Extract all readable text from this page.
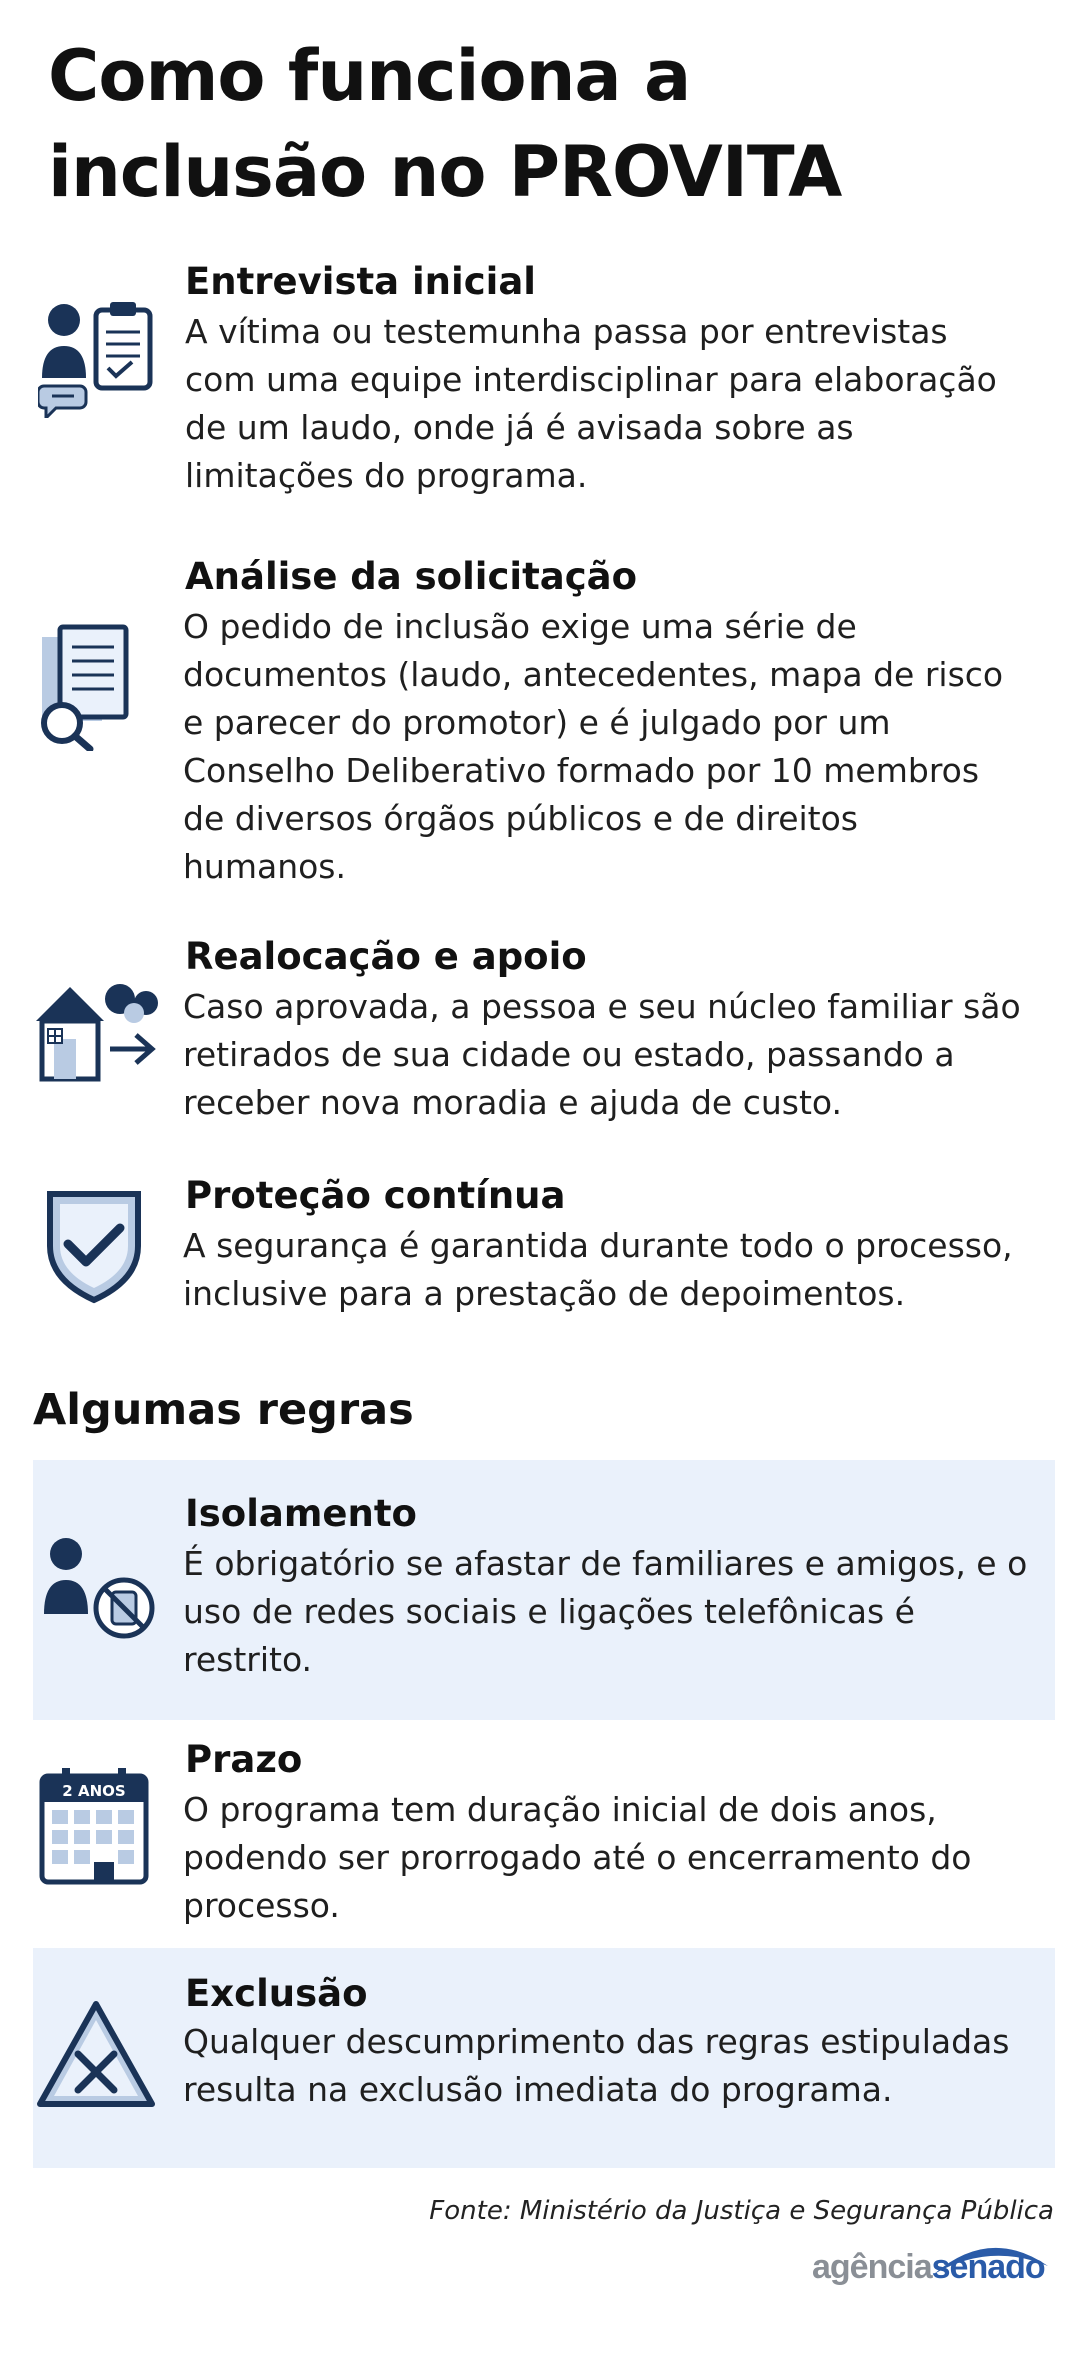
Como funciona a
inclusão no PROVITA
Entrevista inicial
A vítima ou testemunha passa por entrevistas
com uma equipe interdisciplinar para elaboração
de um laudo, onde já é avisada sobre as
limitações do programa.
Análise da solicitação
O pedido de inclusão exige uma série de
documentos (laudo, antecedentes, mapa de risco
e parecer do promotor) e é julgado por um
Conselho Deliberativo formado por 10 membros
de diversos órgãos públicos e de direitos
humanos.
Realocação e apoio
Caso aprovada, a pessoa e seu núcleo familiar são
retirados de sua cidade ou estado, passando a
receber nova moradia e ajuda de custo.
Proteção contínua
A segurança é garantida durante todo o processo,
inclusive para a prestação de depoimentos.
Algumas regras
Isolamento
É obrigatório se afastar de familiares e amigos, e o
uso de redes sociais e ligações telefônicas é restrito.
2 ANOS
Prazo
O programa tem duração inicial de dois anos,
podendo ser prorrogado até o encerramento do
processo.
Exclusão
Qualquer descumprimento das regras estipuladas
resulta na exclusão imediata do programa.
Fonte: Ministério da Justiça e Segurança Pública
agênciasenado
